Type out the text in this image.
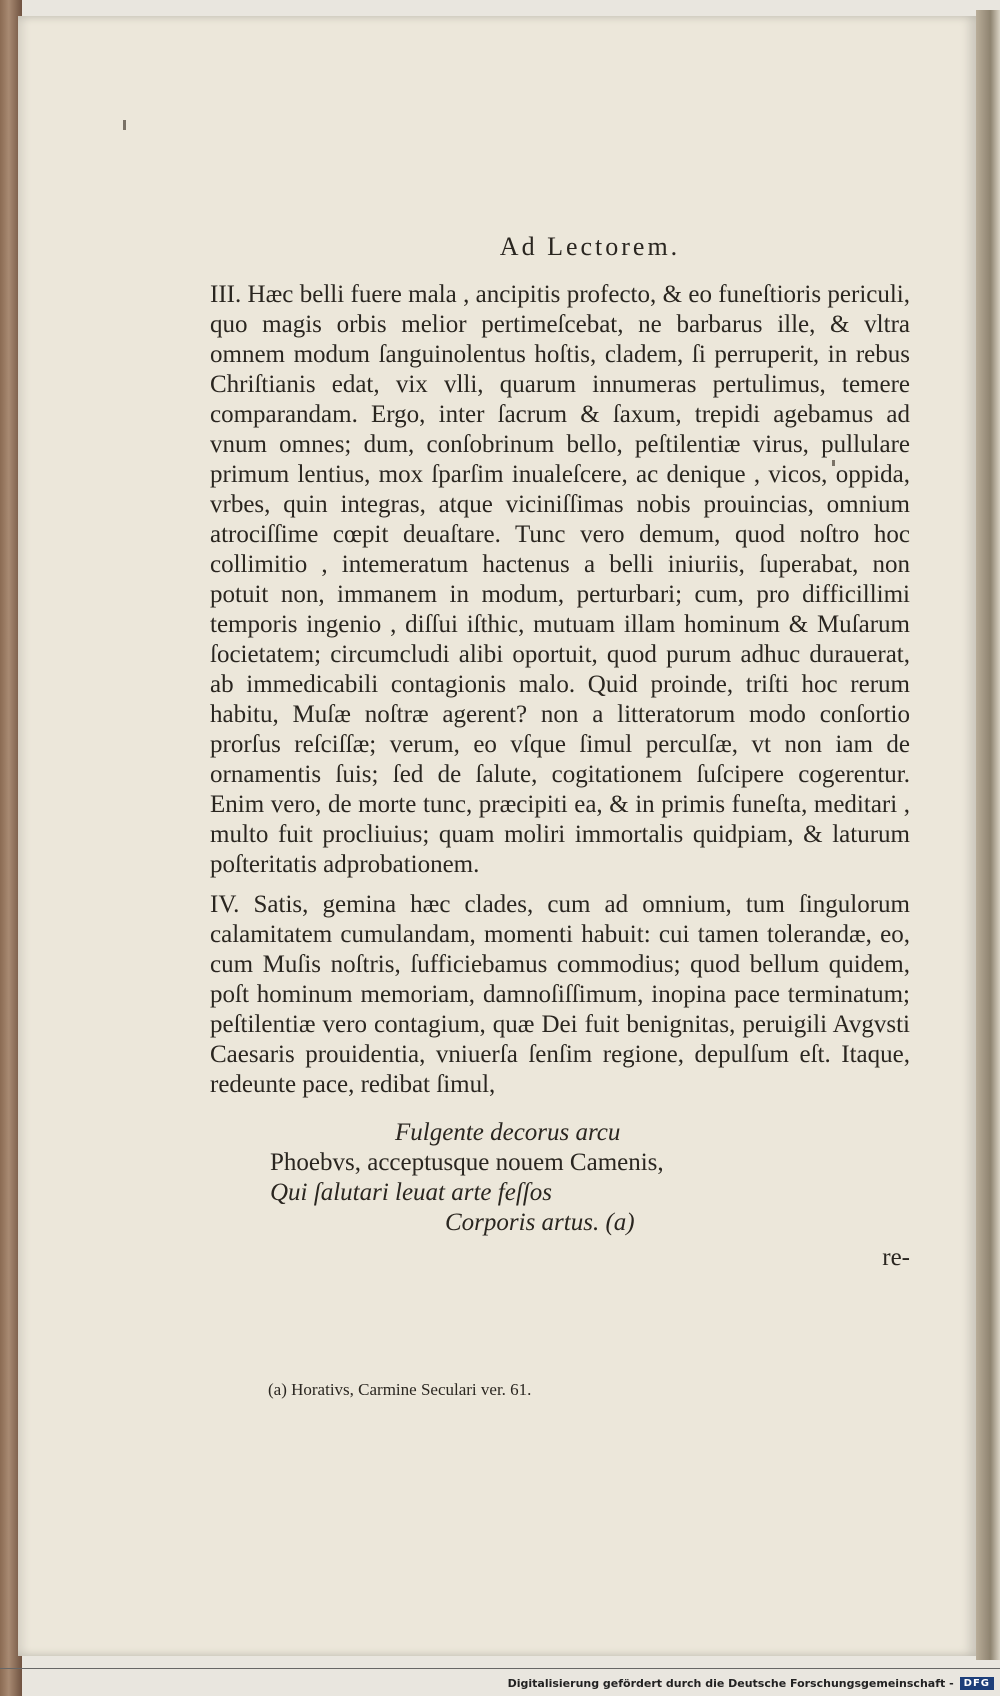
Ad Lectorem.

III. Hæc belli fuere mala , ancipitis profecto, & eo funeſtioris periculi, quo magis orbis melior pertimeſcebat, ne barbarus ille, & vltra omnem modum ſanguinolentus hoſtis, cladem, ſi perruperit, in rebus Chriſtianis edat, vix vlli, quarum innumeras pertulimus, temere comparandam. Ergo, inter ſacrum & ſaxum, trepidi agebamus ad vnum omnes; dum, conſobrinum bello, peſtilentiæ virus, pullulare primum lentius, mox ſparſim inualeſcere, ac denique , vicos, oppida, vrbes, quin integras, atque viciniſſimas nobis prouincias, omnium atrociſſime cœpit deuaſtare. Tunc vero demum, quod noſtro hoc collimitio , intemeratum hactenus a belli iniuriis, ſuperabat, non potuit non, immanem in modum, perturbari; cum, pro difficillimi temporis ingenio , diſſui iſthic, mutuam illam hominum & Muſarum ſocietatem; circumcludi alibi oportuit, quod purum adhuc durauerat, ab immedicabili contagionis malo. Quid proinde, triſti hoc rerum habitu, Muſæ noſtræ agerent? non a litteratorum modo conſortio prorſus reſciſſæ; verum, eo vſque ſimul perculſæ, vt non iam de ornamentis ſuis; ſed de ſalute, cogitationem ſuſcipere cogerentur. Enim vero, de morte tunc, præcipiti ea, & in primis funeſta, meditari , multo fuit procliuius; quam moliri immortalis quidpiam, & laturum poſteritatis adprobationem.

IV. Satis, gemina hæc clades, cum ad omnium, tum ſingulorum calamitatem cumulandam, momenti habuit: cui tamen tolerandæ, eo, cum Muſis noſtris, ſufficiebamus commodius; quod bellum quidem, poſt hominum memoriam, damnoſiſſimum, inopina pace terminatum; peſtilentiæ vero contagium, quæ Dei fuit benignitas, peruigili Avgvsti Caesaris prouidentia, vniuerſa ſenſim regione, depulſum eſt. Itaque, redeunte pace, redibat ſimul,

Fulgente decorus arcu
Phoebvs, acceptusque nouem Camenis,
Qui ſalutari leuat arte feſſos
Corporis artus. (a)
re-
(a) Horativs, Carmine Seculari ver. 61.
Digitalisierung gefördert durch die Deutsche Forschungsgemeinschaft -	DFG
